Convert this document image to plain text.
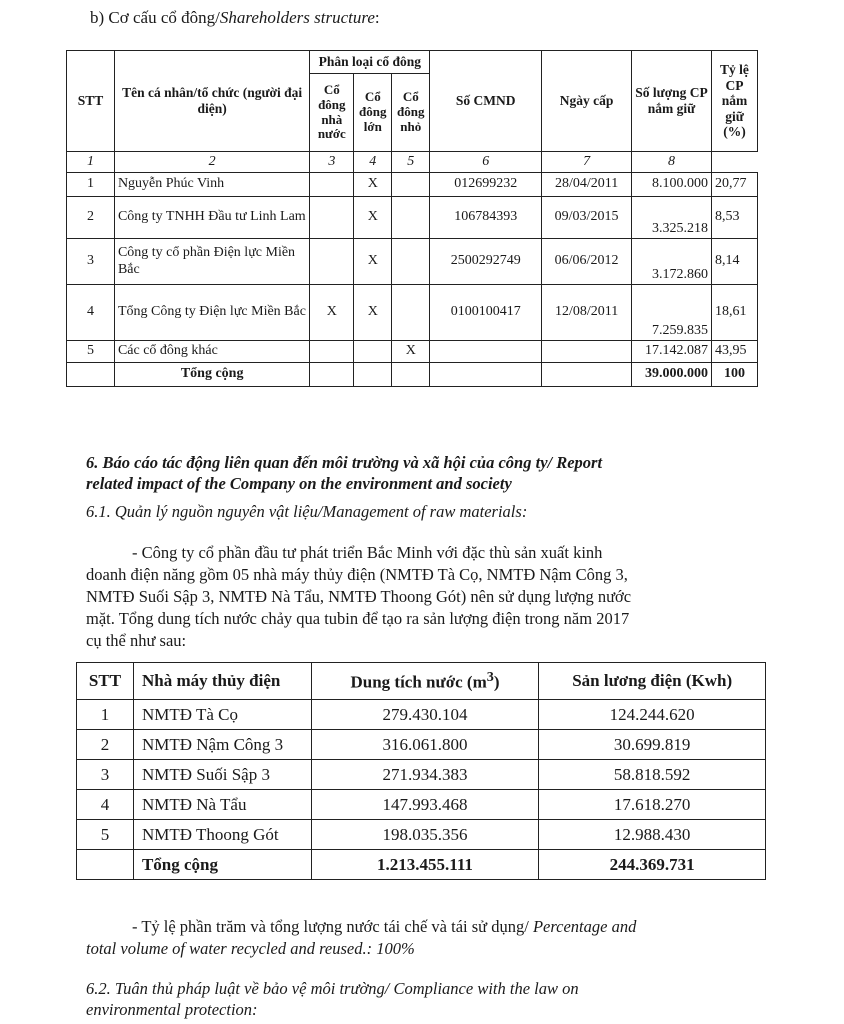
b) Cơ cấu cổ đông/Shareholders structure:
STT	Tên cá nhân/tổ chức (người đại diện)	Phân loại cổ đông			Số CMND	Ngày cấp	Số lượng CP nắm giữ	Tỷ lệ CP nắm giữ (%)
		Cổ đông nhà nước	Cổ đông lớn	Cổ đông nhỏ				
1	2	3	4	5	6	7	8	
1	Nguyễn Phúc Vinh		X		012699232	28/04/2011	8.100.000	20,77
2	Công ty TNHH Đầu tư Linh Lam		X		106784393	09/03/2015	3.325.218	8,53
3	Công ty cổ phần Điện lực Miền Bắc		X		2500292749	06/06/2012	3.172.860	8,14
4	Tổng Công ty Điện lực Miền Bắc	X	X		0100100417	12/08/2011	7.259.835	18,61
5	Các cổ đông khác			X			17.142.087	43,95
	Tổng cộng						39.000.000	100
6. Báo cáo tác động liên quan đến môi trường và xã hội của công ty/ Report
related impact of the Company on the environment and society
6.1. Quản lý nguồn nguyên vật liệu/Management of raw materials:
- Công ty cổ phần đầu tư phát triển Bắc Minh với đặc thù sản xuất kinh
doanh điện năng gồm 05 nhà máy thủy điện (NMTĐ Tà Cọ, NMTĐ Nậm Công 3,
NMTĐ Suối Sập 3, NMTĐ Nà Tẩu, NMTĐ Thoong Gót) nên sử dụng lượng nước
mặt. Tổng dung tích nước chảy qua tubin để tạo ra sản lượng điện trong năm 2017
cụ thể như sau:
STT	Nhà máy thủy điện	Dung tích nước $(m^3)$	Sản lương điện (Kwh)
1	NMTĐ Tà Cọ	279.430.104	124.244.620
2	NMTĐ Nậm Công 3	316.061.800	30.699.819
3	NMTĐ Suối Sập 3	271.934.383	58.818.592
4	NMTĐ Nà Tẩu	147.993.468	17.618.270
5	NMTĐ Thoong Gót	198.035.356	12.988.430
	Tổng cộng	1.213.455.111	244.369.731
- Tỷ lệ phần trăm và tổng lượng nước tái chế và tái sử dụng/ Percentage and
total volume of water recycled and reused.: 100%
6.2. Tuân thủ pháp luật về bảo vệ môi trường/ Compliance with the law on
environmental protection:
